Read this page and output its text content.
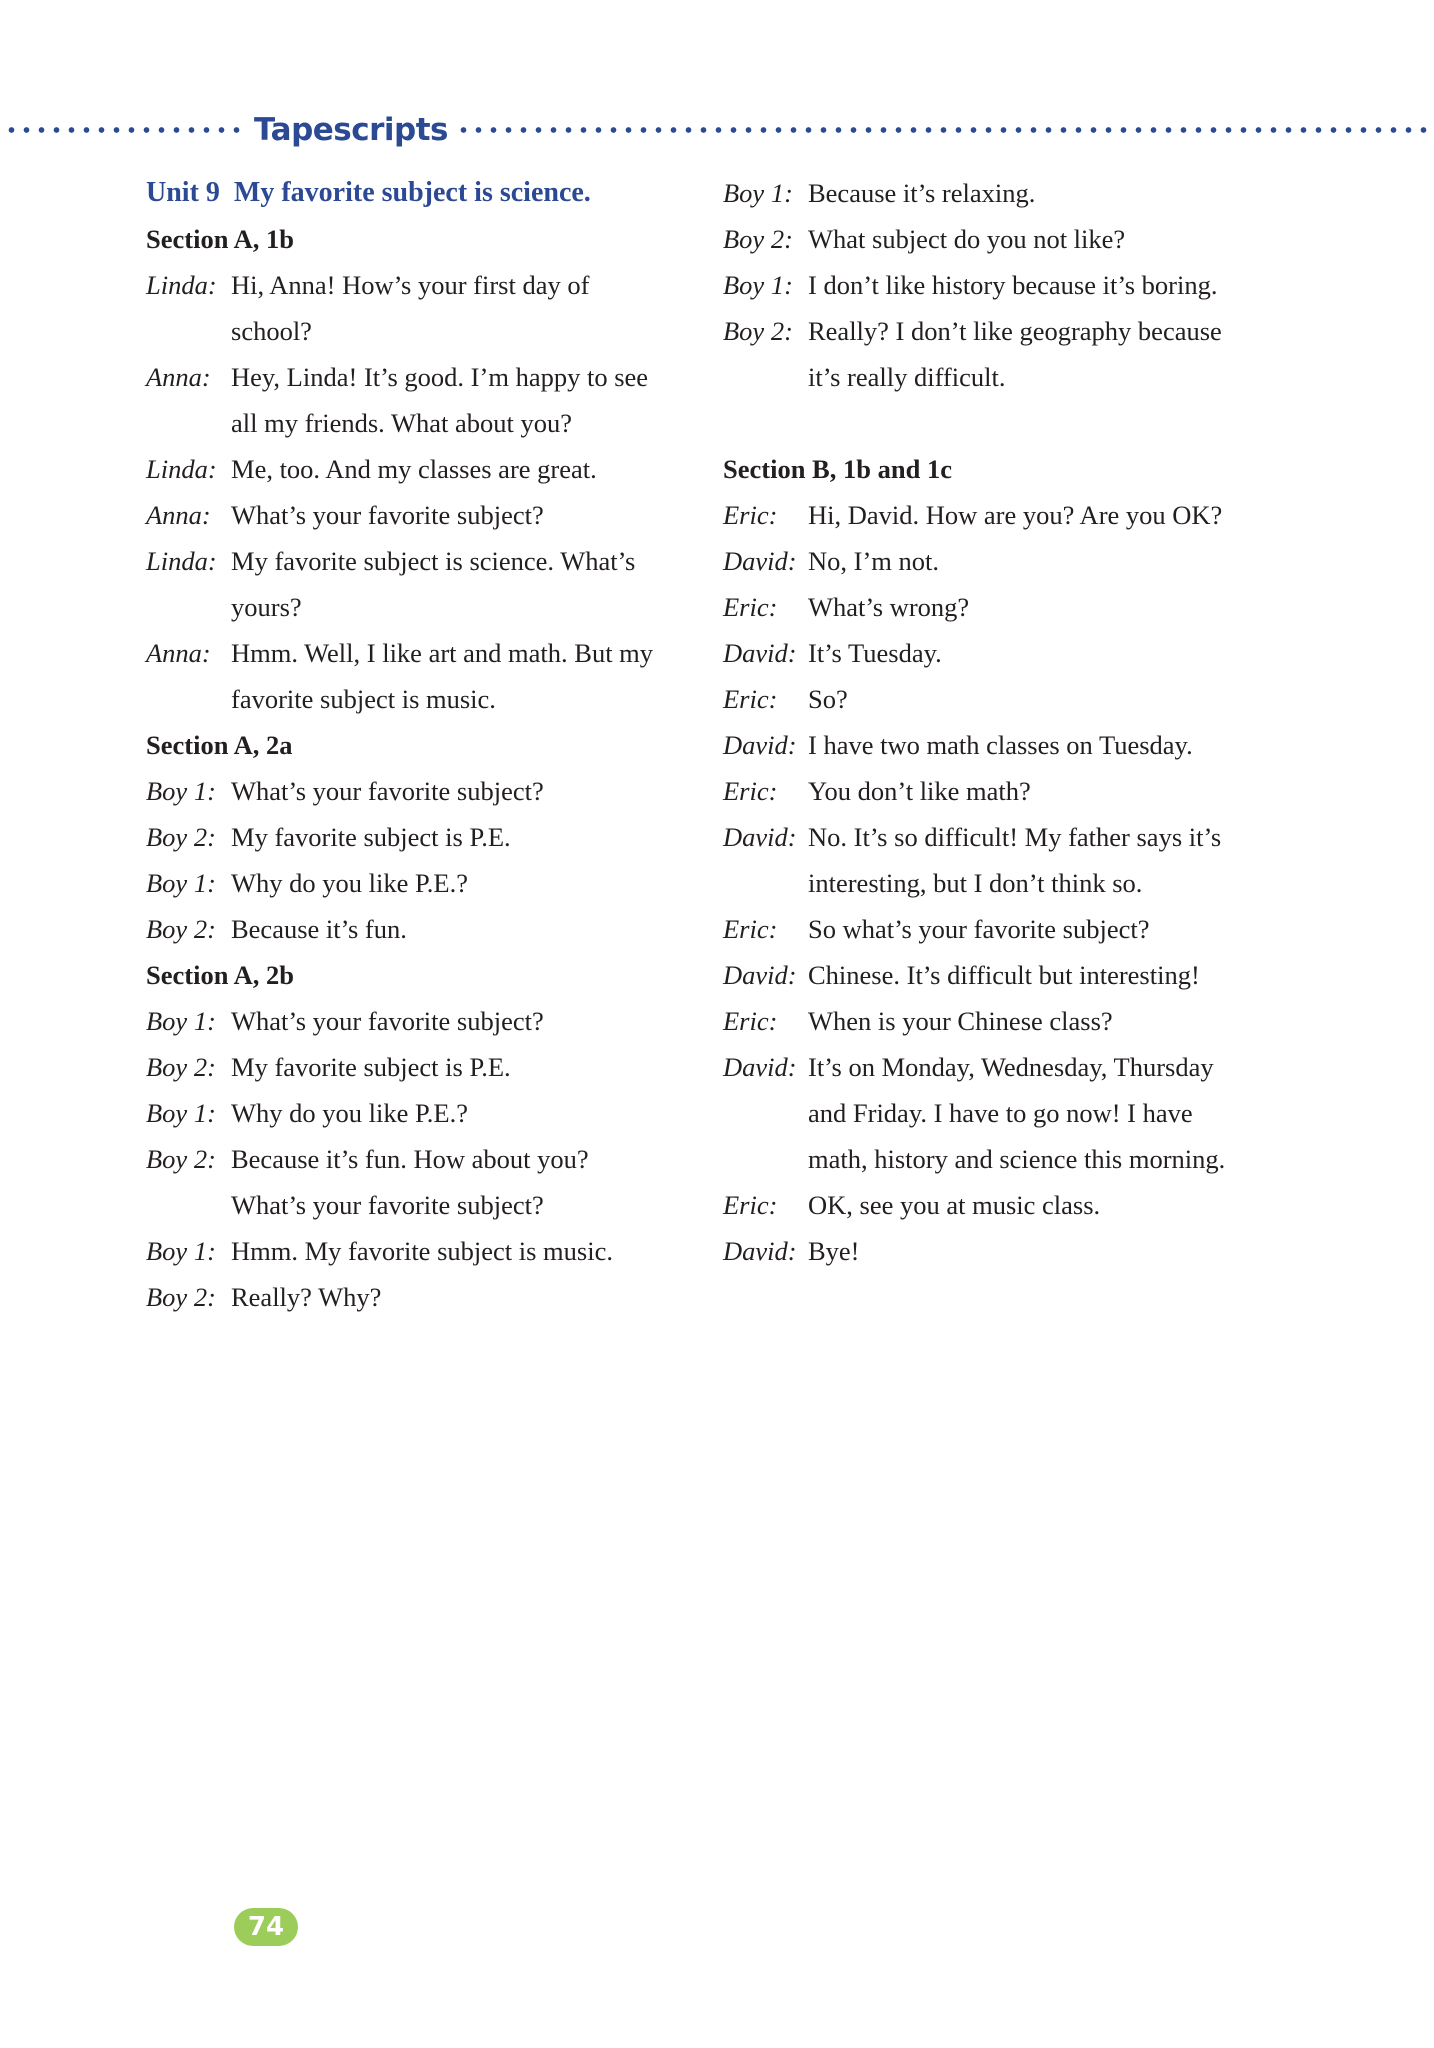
Tapescripts
Unit 9 My favorite subject is science.
Section A, 1b
Linda: Hi, Anna! How’s your first day of
school?
Anna: Hey, Linda! It’s good. I’m happy to see
all my friends. What about you?
Linda: Me, too. And my classes are great.
Anna: What’s your favorite subject?
Linda: My favorite subject is science. What’s
yours?
Anna: Hmm. Well, I like art and math. But my
favorite subject is music.
Section A, 2a
Boy 1: What’s your favorite subject?
Boy 2: My favorite subject is P.E.
Boy 1: Why do you like P.E.?
Boy 2: Because it’s fun.
Section A, 2b
Boy 1: What’s your favorite subject?
Boy 2: My favorite subject is P.E.
Boy 1: Why do you like P.E.?
Boy 2: Because it’s fun. How about you?
What’s your favorite subject?
Boy 1: Hmm. My favorite subject is music.
Boy 2: Really? Why?
Boy 1: Because it’s relaxing.
Boy 2: What subject do you not like?
Boy 1: I don’t like history because it’s boring.
Boy 2: Really? I don’t like geography because
it’s really difficult.
Section B, 1b and 1c
Eric:	Hi, David. How are you? Are you OK?
David: No, I’m not.
Eric:	What’s wrong?
David: It’s Tuesday.
Eric:	So?
David: I have two math classes on Tuesday.
Eric:	You don’t like math?
David: No. It’s so difficult! My father says it’s
interesting, but I don’t think so.
Eric:	So what’s your favorite subject?
David: Chinese. It’s difficult but interesting!
Eric:	When is your Chinese class?
David: It’s on Monday, Wednesday, Thursday
and Friday. I have to go now! I have
math, history and science this morning.
Eric:	OK, see you at music class.
David: Bye!
74
